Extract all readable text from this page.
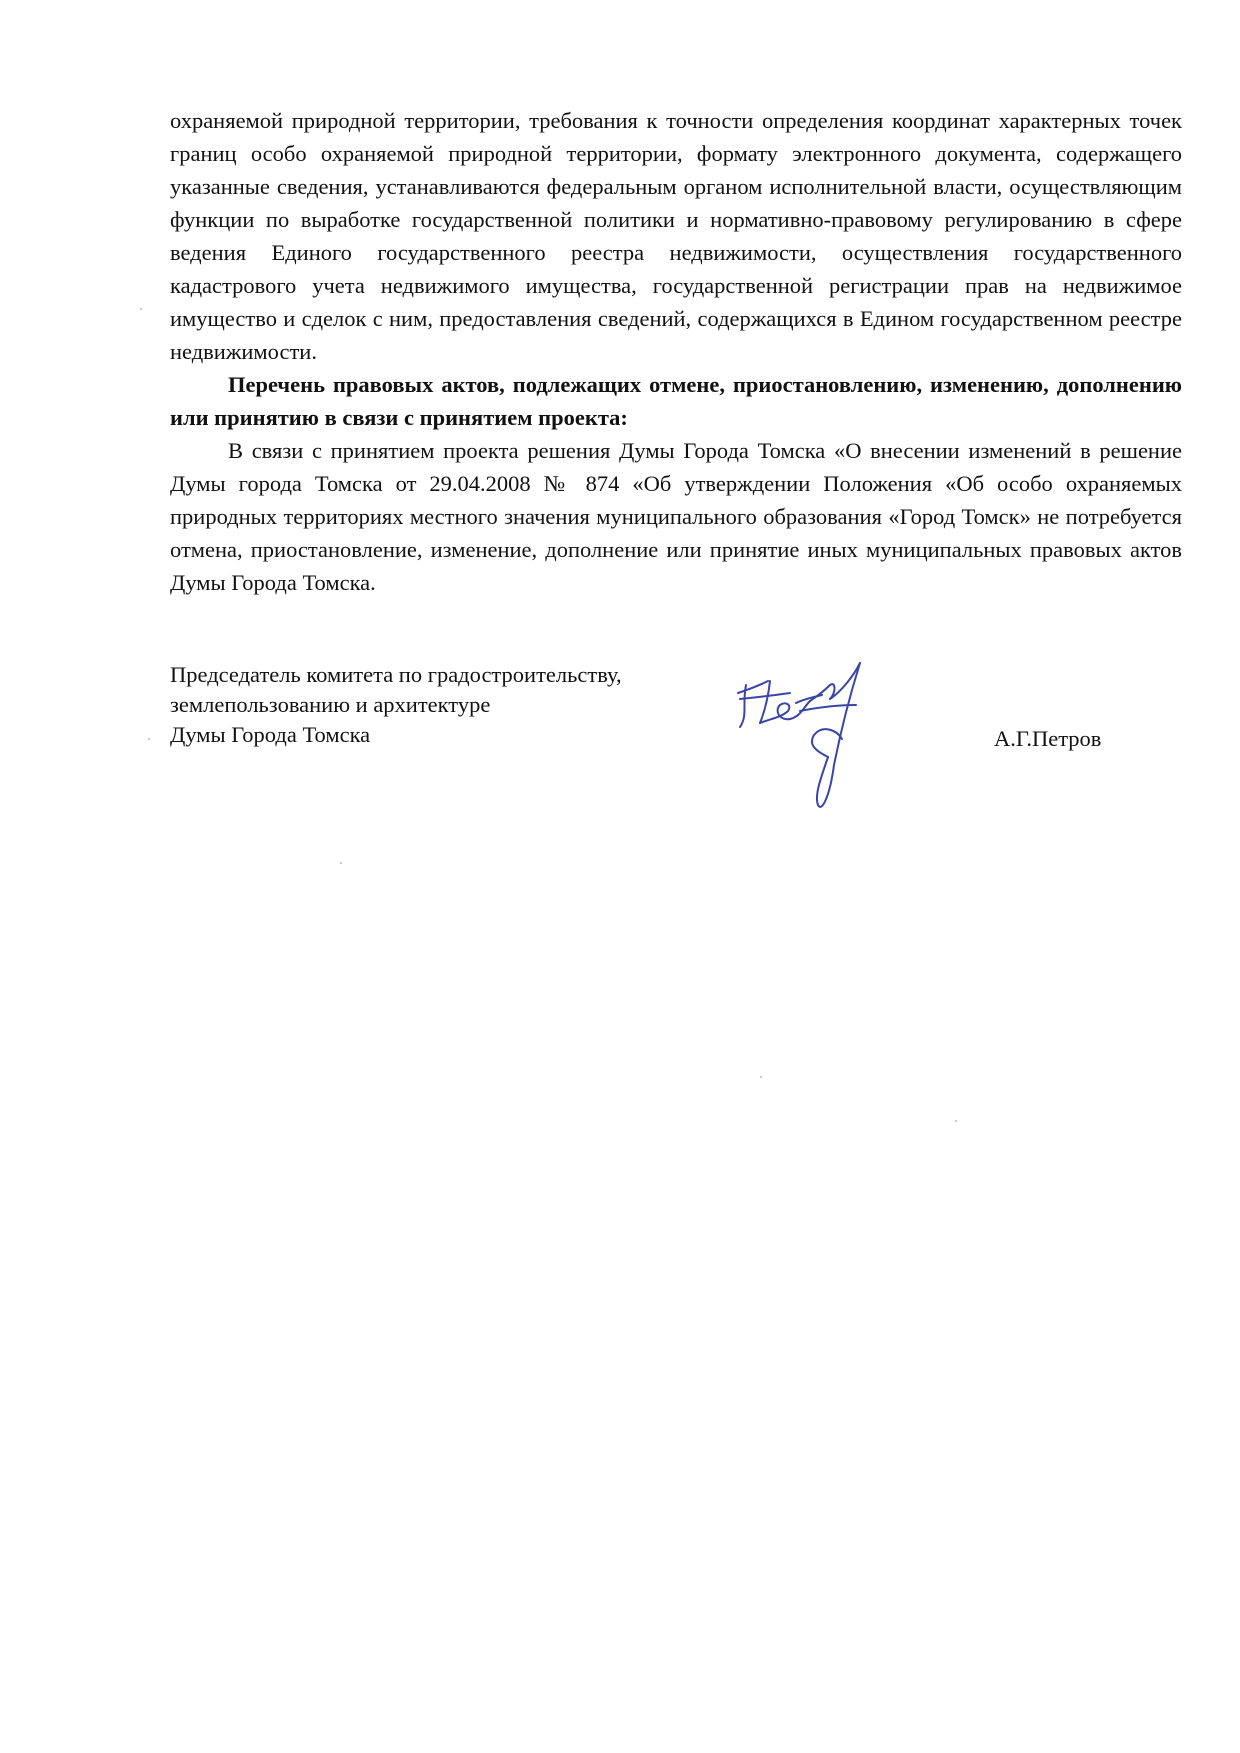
охраняемой природной территории, требования к точности определения координат характерных точек границ особо охраняемой природной территории, формату электронного документа, содержащего указанные сведения, устанавливаются федеральным органом исполнительной власти, осуществляющим функции по выработке государственной политики и нормативно-правовому регулированию в сфере ведения Единого государственного реестра недвижимости, осуществления государственного кадастрового учета недвижимого имущества, государственной регистрации прав на недвижимое имущество и сделок с ним, предоставления сведений, содержащихся в Едином государственном реестре недвижимости.

Перечень правовых актов, подлежащих отмене, приостановлению, изменению, дополнению или принятию в связи с принятием проекта:

В связи с принятием проекта решения Думы Города Томска «О внесении изменений в решение Думы города Томска от 29.04.2008 № 874 «Об утверждении Положения «Об особо охраняемых природных территориях местного значения муниципального образования «Город Томск» не потребуется отмена, приостановление, изменение, дополнение или принятие иных муниципальных правовых актов Думы Города Томска.

Председатель комитета по градостроительству,
землепользованию и архитектуре
Думы Города Томска	А.Г.Петров
